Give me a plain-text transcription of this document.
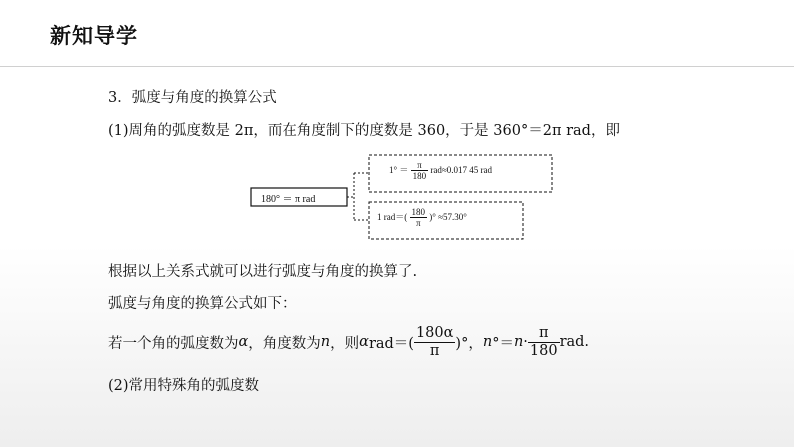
新知导学
3．弧度与角度的换算公式
(1)周角的弧度数是 2π，而在角度制下的度数是 360，于是 360°＝2π rad，即
180° ＝ π rad
$1^\circ = \frac{\pi}{180} rad\approx 0.017$ 45 rad
1 $rad=( \frac{180}{\pi}$ )° ≈57.30°
根据以上关系式就可以进行弧度与角度的换算了.
弧度与角度的换算公式如下：
若一个角的弧度数为 α ，角度数为 n ，则 α $rad=( \frac{180\alpha}{\pi}$ )°， n °＝ $n \cdot \frac{\pi}{180}$ rad.
(2)常用特殊角的弧度数
